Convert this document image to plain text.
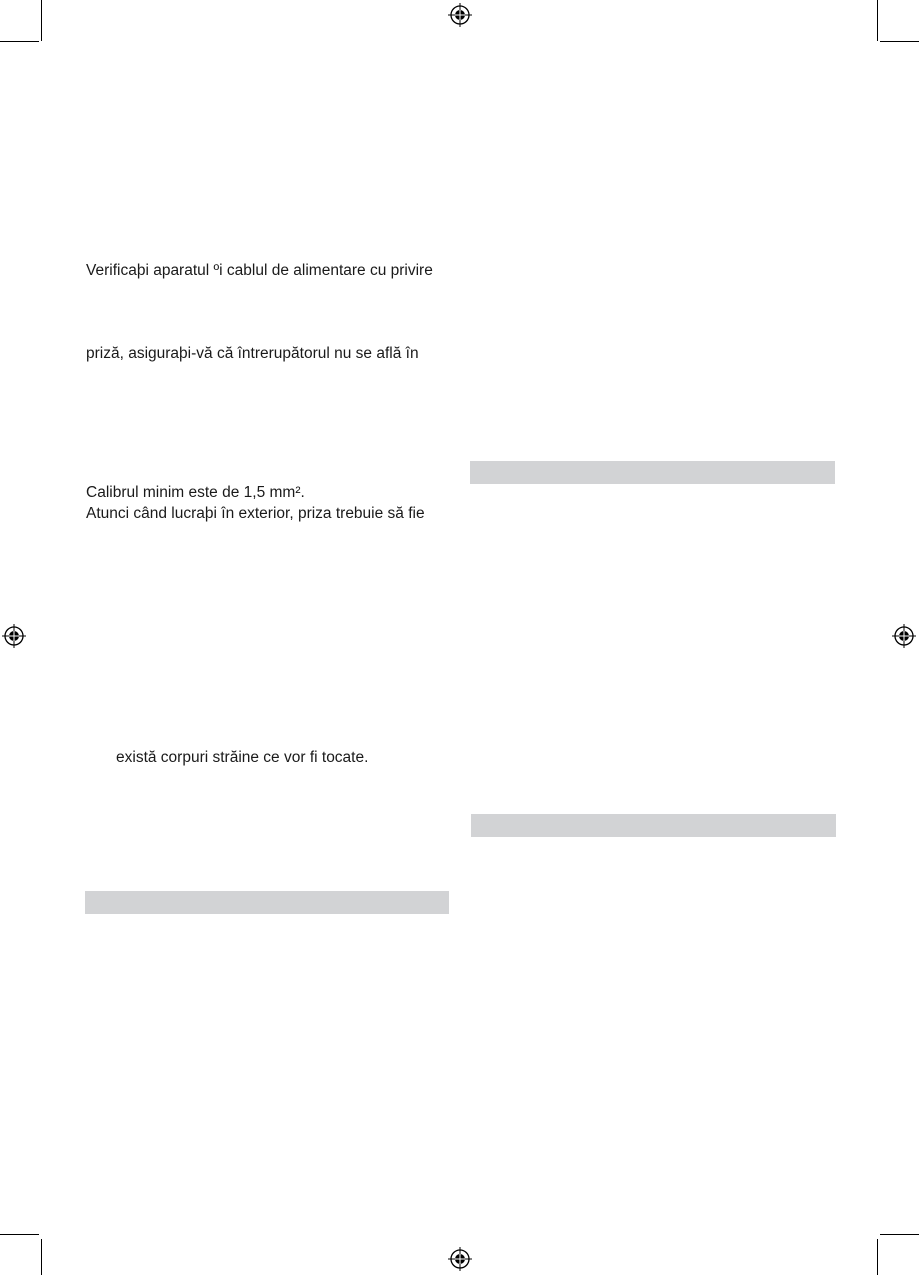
Verificaþi aparatul ºi cablul de alimentare cu privire
priză, asiguraþi-vă că întrerupătorul nu se află în
Calibrul minim este de 1,5 mm².
Atunci când lucraþi în exterior, priza trebuie să fie
există corpuri străine ce vor fi tocate.
